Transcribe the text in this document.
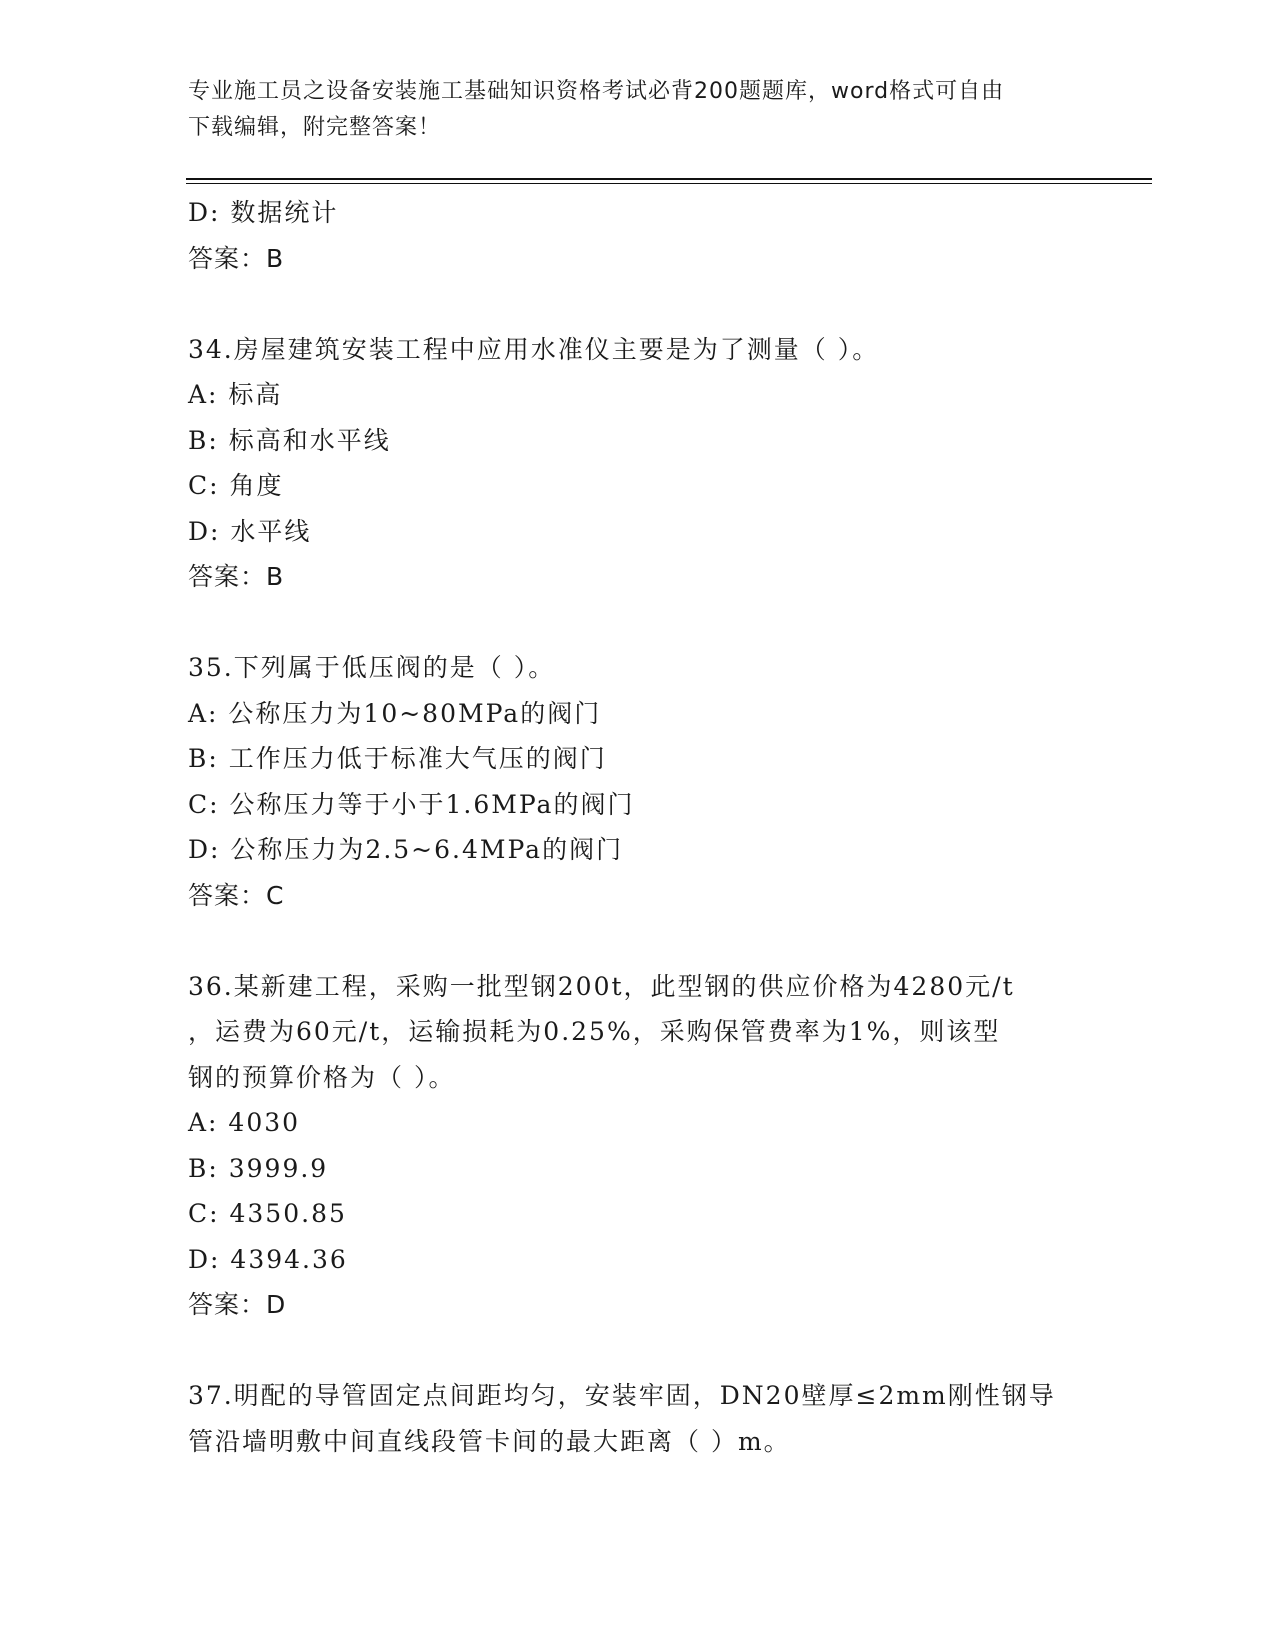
专业施工员之设备安装施工基础知识资格考试必背200题题库，word格式可自由
下载编辑，附完整答案！
D: 数据统计
答案：B
34.房屋建筑安装工程中应用水准仪主要是为了测量（ ）。
A: 标高
B: 标高和水平线
C: 角度
D: 水平线
答案：B
35.下列属于低压阀的是（ ）。
A: 公称压力为10~80MPa的阀门
B: 工作压力低于标准大气压的阀门
C: 公称压力等于小于1.6MPa的阀门
D: 公称压力为2.5~6.4MPa的阀门
答案：C
36.某新建工程，采购一批型钢200t，此型钢的供应价格为4280元/t
，运费为60元/t，运输损耗为0.25%，采购保管费率为1%，则该型
钢的预算价格为（ ）。
A: 4030
B: 3999.9
C: 4350.85
D: 4394.36
答案：D
37.明配的导管固定点间距均匀，安装牢固，DN20壁厚≤2mm刚性钢导
管沿墙明敷中间直线段管卡间的最大距离（ ）m。
